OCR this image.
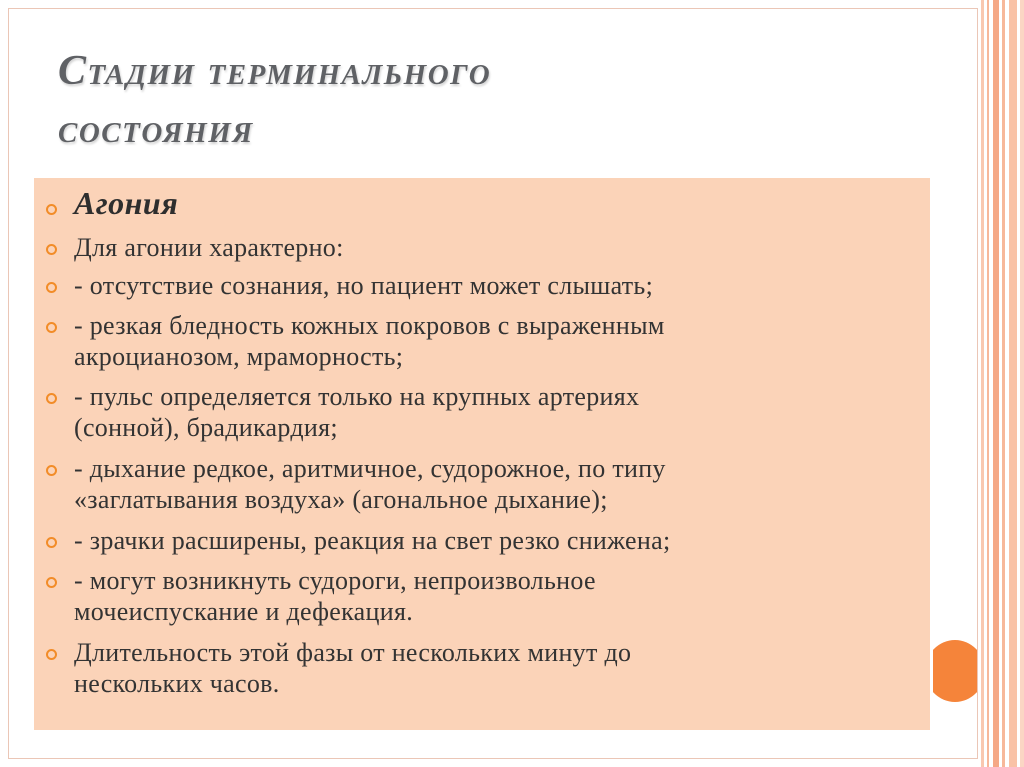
Стадии терминального
состояния
Агония
Для агонии характерно:
- отсутствие сознания, но пациент может слышать;
- резкая бледность кожных покровов с выраженным
акроцианозом, мраморность;
- пульс определяется только на крупных артериях
(сонной), брадикардия;
- дыхание редкое, аритмичное, судорожное, по типу
«заглатывания воздуха» (агональное дыхание);
- зрачки расширены, реакция на свет резко снижена;
- могут возникнуть судороги, непроизвольное
мочеиспускание и дефекация.
Длительность этой фазы от нескольких минут до
нескольких часов.
